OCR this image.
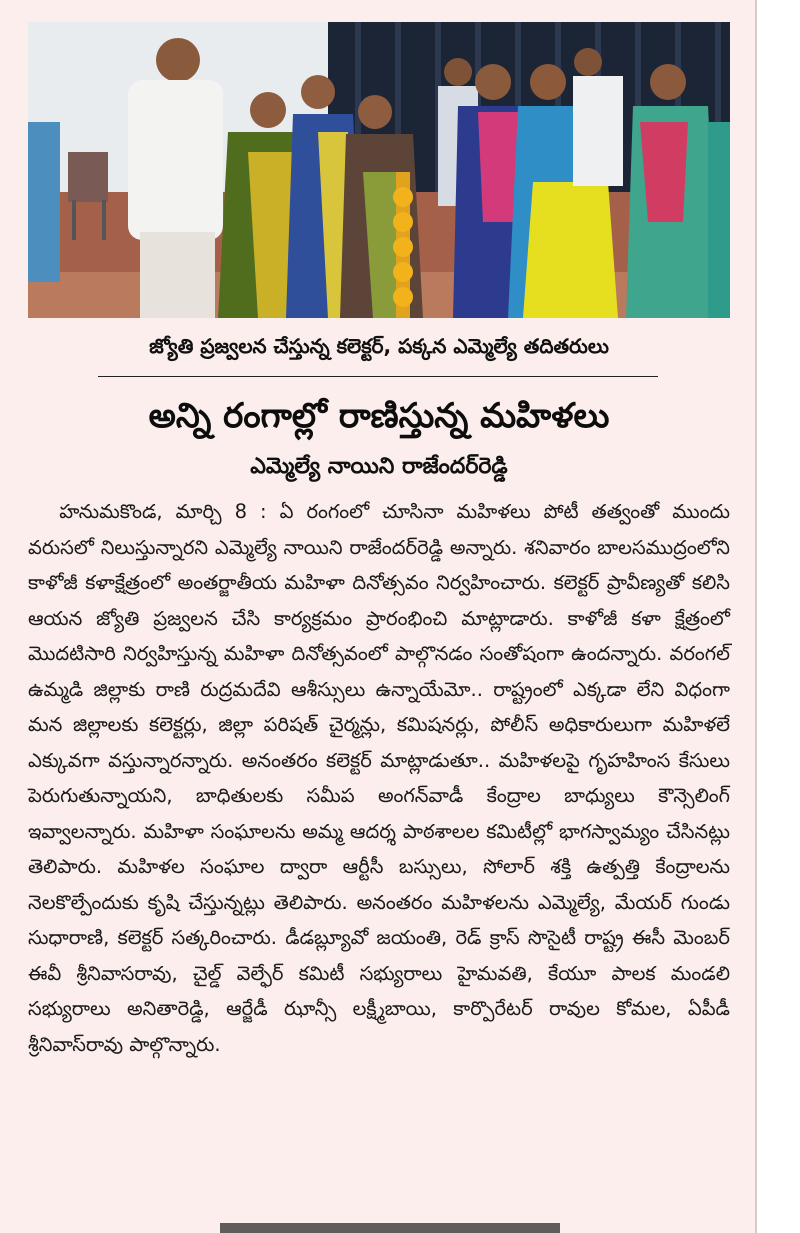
జ్యోతి ప్రజ్వలన చేస్తున్న కలెక్టర్‌, పక్కన ఎమ్మెల్యే తదితరులు
అన్ని రంగాల్లో రాణిస్తున్న మహిళలు
ఎమ్మెల్యే నాయిని రాజేందర్‌రెడ్డి
హనుమకొండ, మార్చి 8 : ఏ రంగంలో చూసినా మహిళలు పోటీ తత్వంతో ముందు వరుసలో నిలుస్తున్నారని ఎమ్మెల్యే నాయిని రాజేందర్‌రెడ్డి అన్నారు. శనివారం బాలసముద్రంలోని కాళోజీ కళాక్షేత్రంలో అంతర్జాతీయ మహిళా దినోత్సవం నిర్వహించారు. కలెక్టర్‌ ప్రావీణ్యతో కలిసి ఆయన జ్యోతి ప్రజ్వలన చేసి కార్యక్రమం ప్రారంభించి మాట్లాడారు. కాళోజీ కళా క్షేత్రంలో మొదటిసారి నిర్వహిస్తున్న మహిళా దినోత్సవంలో పాల్గొనడం సంతోషంగా ఉందన్నారు. వరంగల్‌ ఉమ్మడి జిల్లాకు రాణి రుద్రమదేవి ఆశీస్సులు ఉన్నాయేమో.. రాష్ట్రంలో ఎక్కడా లేని విధంగా మన జిల్లాలకు కలెక్టర్లు, జిల్లా పరిషత్‌ చైర్మన్లు, కమిషనర్లు, పోలీస్‌ అధికారులుగా మహిళలే ఎక్కువగా వస్తున్నారన్నారు. అనంతరం కలెక్టర్‌ మాట్లాడుతూ.. మహిళలపై గృహహింస కేసులు పెరుగుతున్నాయని, బాధితులకు సమీప అంగన్‌వాడీ కేంద్రాల బాధ్యులు కౌన్సెలింగ్‌ ఇవ్వాలన్నారు. మహిళా సంఘాలను అమ్మ ఆదర్శ పాఠశాలల కమిటీల్లో భాగస్వామ్యం చేసినట్లు తెలిపారు. మహిళల సంఘాల ద్వారా ఆర్టీసీ బస్సులు, సోలార్‌ శక్తి ఉత్పత్తి కేంద్రాలను నెలకొల్పేందుకు కృషి చేస్తున్నట్లు తెలిపారు. అనంతరం మహిళలను ఎమ్మెల్యే, మేయర్‌ గుండు సుధారాణి, కలెక్టర్‌ సత్కరించారు. డీడబ్ల్యూవో జయంతి, రెడ్‌ క్రాస్‌ సొసైటీ రాష్ట్ర ఈసీ మెంబర్‌ ఈవీ శ్రీనివాసరావు, చైల్డ్‌ వెల్ఫేర్‌ కమిటీ సభ్యురాలు హైమవతి, కేయూ పాలక మండలి సభ్యురాలు అనితారెడ్డి, ఆర్జేడీ ఝాన్సీ లక్ష్మీబాయి, కార్పొరేటర్‌ రావుల కోమల, ఏపీడీ శ్రీనివాస్‌రావు పాల్గొన్నారు.
